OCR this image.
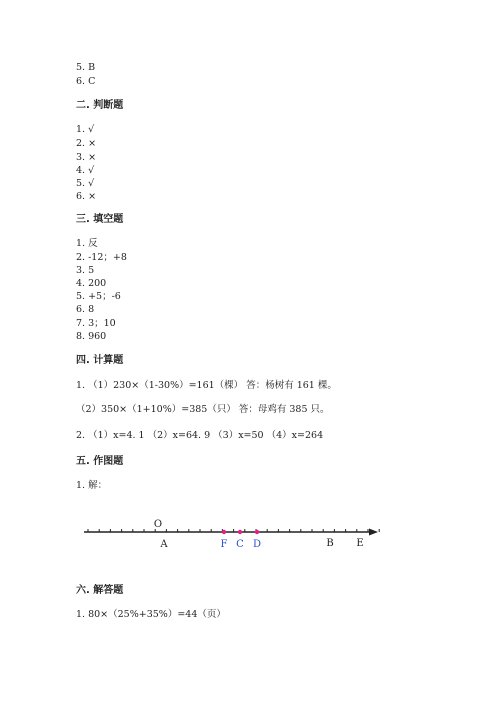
5. B
6. C
二. 判断题
1. √
2. ×
3. ×
4. √
5. √
6. ×
三. 填空题
1. 反
2. -12；+8
3. 5
4. 200
5. +5；-6
6. 8
7. 3；10
8. 960
四. 计算题
1. （1）230×（1-30%）=161（棵） 答：杨树有 161 棵。
（2）350×（1+10%）=385（只） 答：母鸡有 385 只。
2. （1）x=4. 1 （2）x=64. 9 （3）x=50 （4）x=264
五. 作图题
1. 解：
O
A	F C D	B E
六. 解答题
1. 80×（25%+35%）=44（页）
